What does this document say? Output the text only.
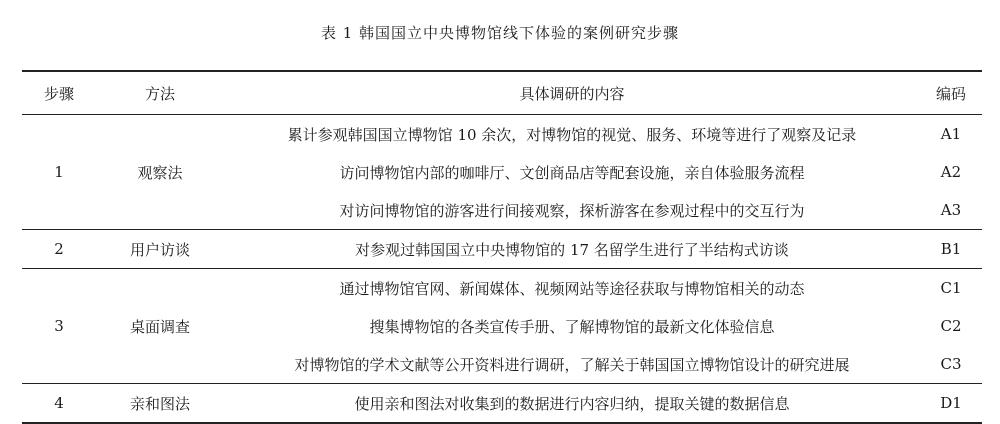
表 1 韩国国立中央博物馆线下体验的案例研究步骤
步骤	方法	具体调研的内容	编码
1	观察法	累计参观韩国国立博物馆 10 余次，对博物馆的视觉、服务、环境等进行了观察及记录	A1
		访问博物馆内部的咖啡厅、文创商品店等配套设施，亲自体验服务流程	A2
		对访问博物馆的游客进行间接观察，探析游客在参观过程中的交互行为	A3
2	用户访谈	对参观过韩国国立中央博物馆的 17 名留学生进行了半结构式访谈	B1
3	桌面调查	通过博物馆官网、新闻媒体、视频网站等途径获取与博物馆相关的动态	C1
		搜集博物馆的各类宣传手册、了解博物馆的最新文化体验信息	C2
		对博物馆的学术文献等公开资料进行调研，了解关于韩国国立博物馆设计的研究进展	C3
4	亲和图法	使用亲和图法对收集到的数据进行内容归纳，提取关键的数据信息	D1
